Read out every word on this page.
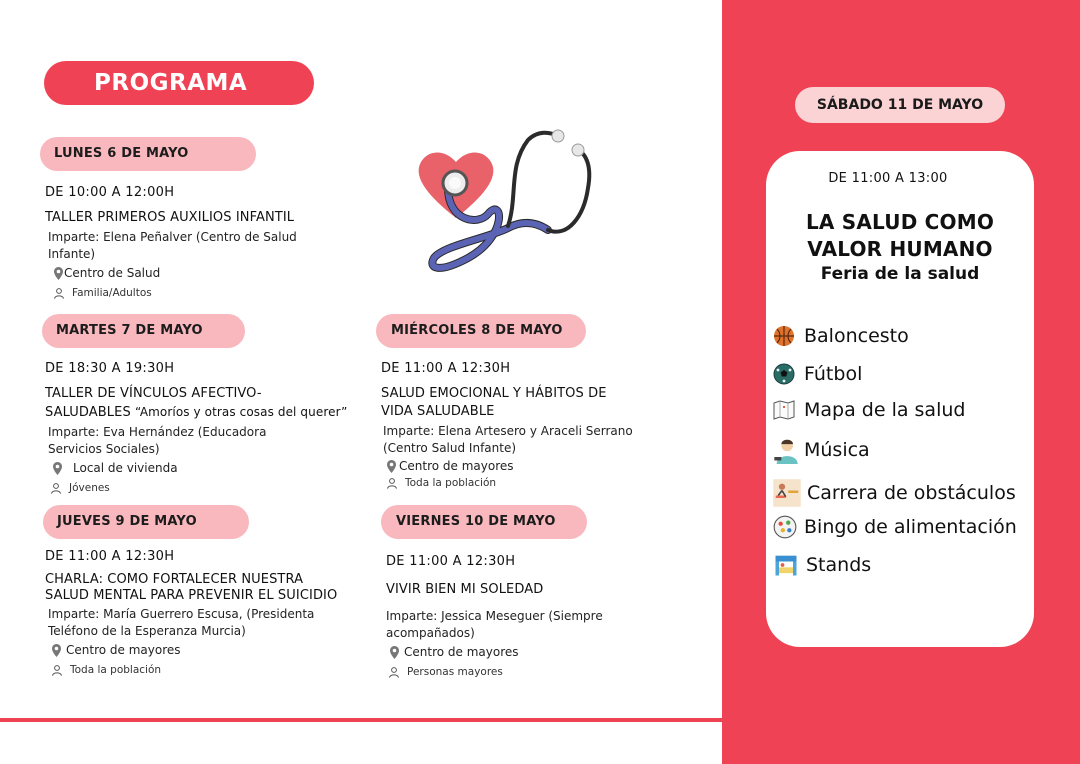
PROGRAMA
LUNES 6 DE MAYO
DE 10:00 A 12:00H
TALLER PRIMEROS AUXILIOS INFANTIL
Imparte: Elena Peñalver (Centro de Salud
Infante)
Centro de Salud
Familia/Adultos
MARTES 7 DE MAYO
DE 18:30 A 19:30H
TALLER DE VÍNCULOS AFECTIVO-
SALUDABLES “Amoríos y otras cosas del querer”
Imparte: Eva Hernández (Educadora
Servicios Sociales)
Local de vivienda
Jóvenes
MIÉRCOLES 8 DE MAYO
DE 11:00 A 12:30H
SALUD EMOCIONAL Y HÁBITOS DE
VIDA SALUDABLE
Imparte: Elena Artesero y Araceli Serrano
(Centro Salud Infante)
Centro de mayores
Toda la población
JUEVES 9 DE MAYO
DE 11:00 A 12:30H
CHARLA: COMO FORTALECER NUESTRA
SALUD MENTAL PARA PREVENIR EL SUICIDIO
Imparte: María Guerrero Escusa, (Presidenta
Teléfono de la Esperanza Murcia)
Centro de mayores
Toda la población
VIERNES 10 DE MAYO
DE 11:00 A 12:30H
VIVIR BIEN MI SOLEDAD
Imparte: Jessica Meseguer (Siempre
acompañados)
Centro de mayores
Personas mayores
SÁBADO 11 DE MAYO
DE 11:00 A 13:00
LA SALUD COMO
VALOR HUMANO
Feria de la salud
Baloncesto
Fútbol
Mapa de la salud
Música
Carrera de obstáculos
Bingo de alimentación
Stands
